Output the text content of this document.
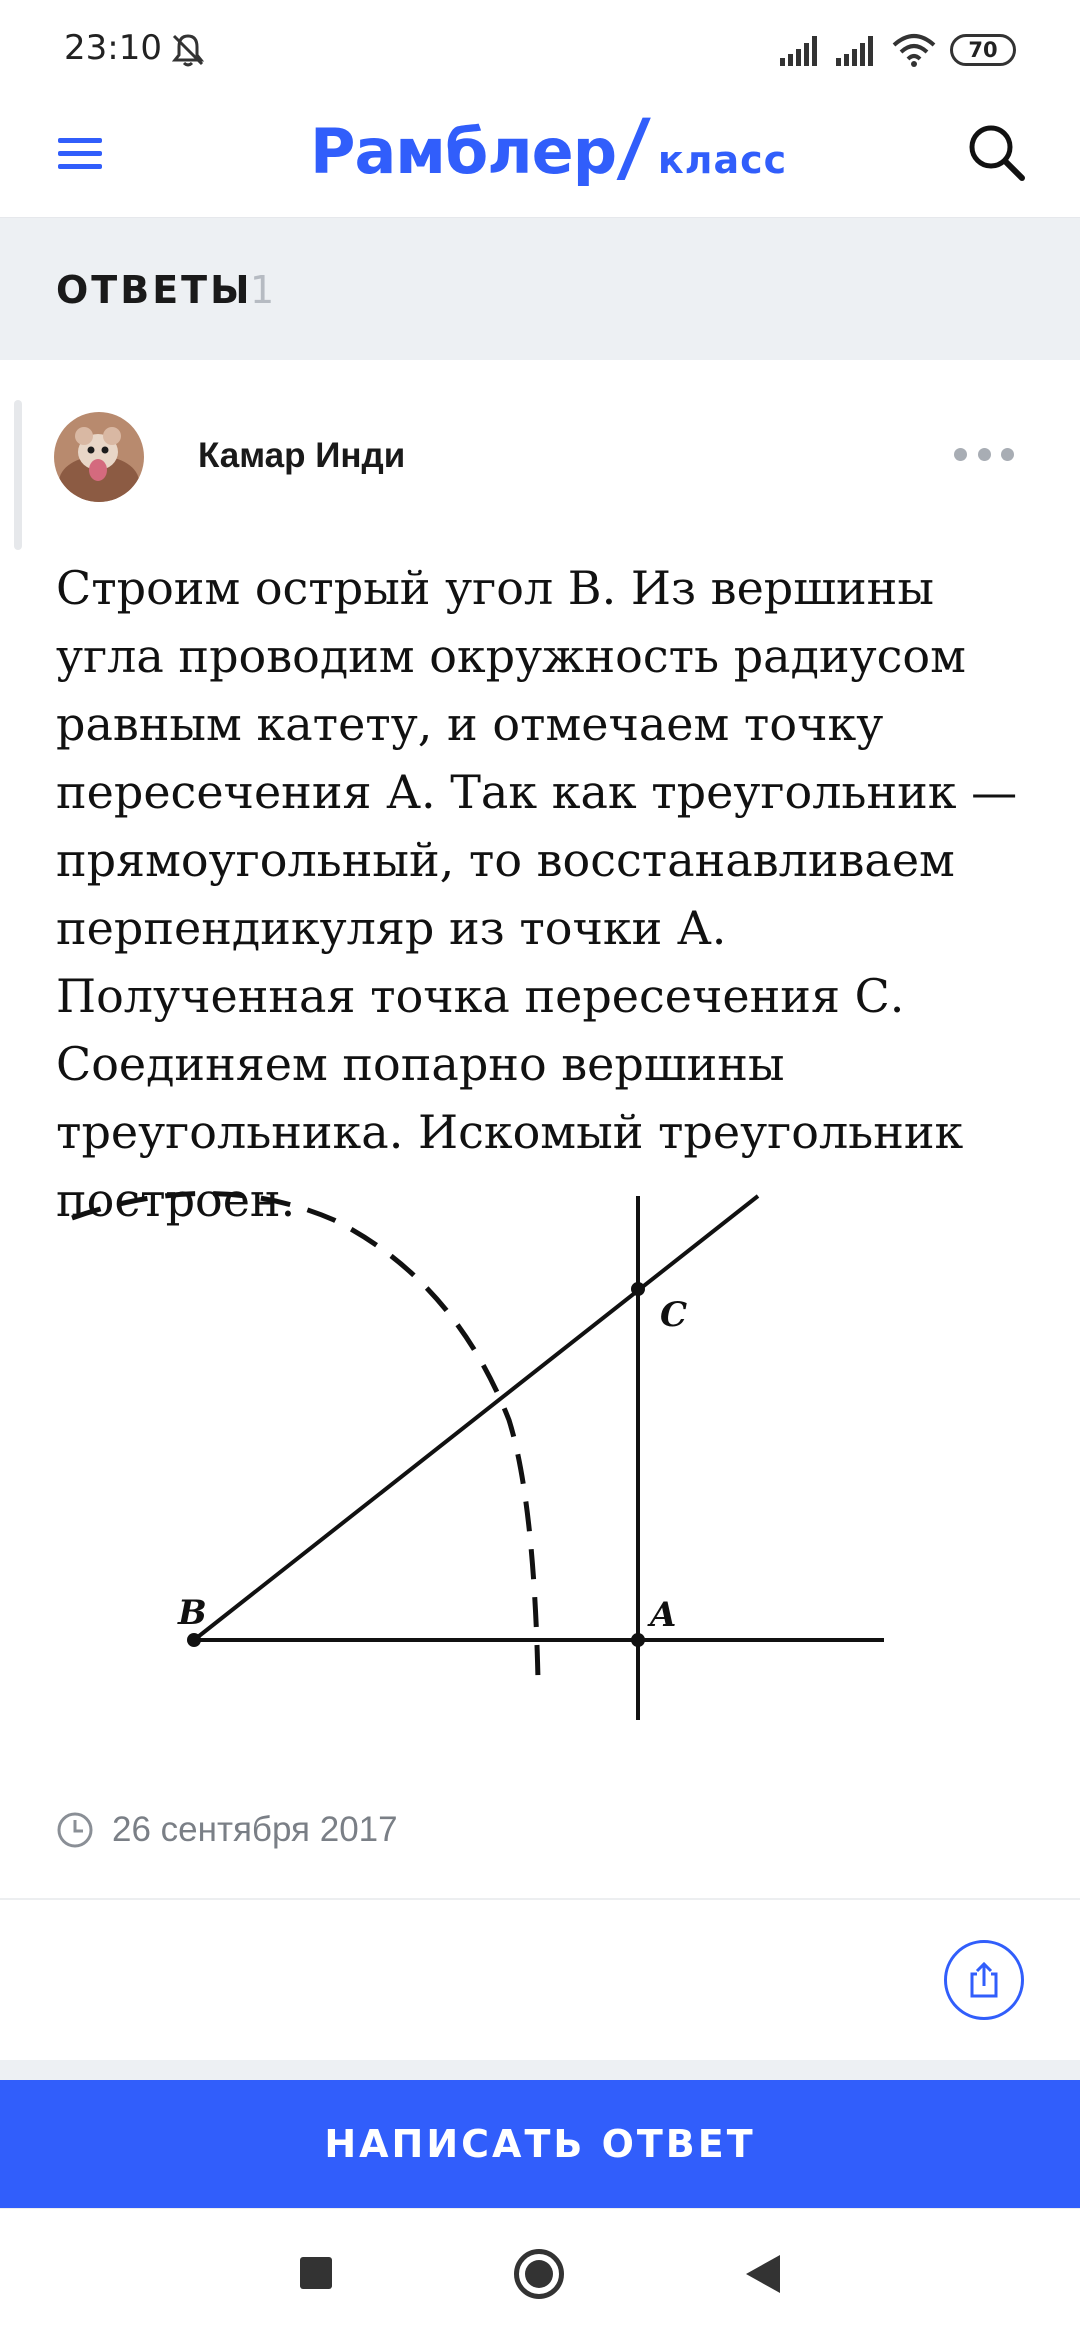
23:10	70
Рамблер / класс
ОТВЕТЫ
1
Камар Инди

Строим острый угол В. Из вершины угла проводим окружность радиусом равным катету, и отмечаем точку пересечения А. Так как треугольник — прямоугольный, то восстанавливаем перпендикуляр из точки А. Полученная точка пересечения С. Соединяем попарно вершины треугольника. Искомый треугольник построен.

B	A
C
26 сентября 2017
НАПИСАТЬ ОТВЕТ
